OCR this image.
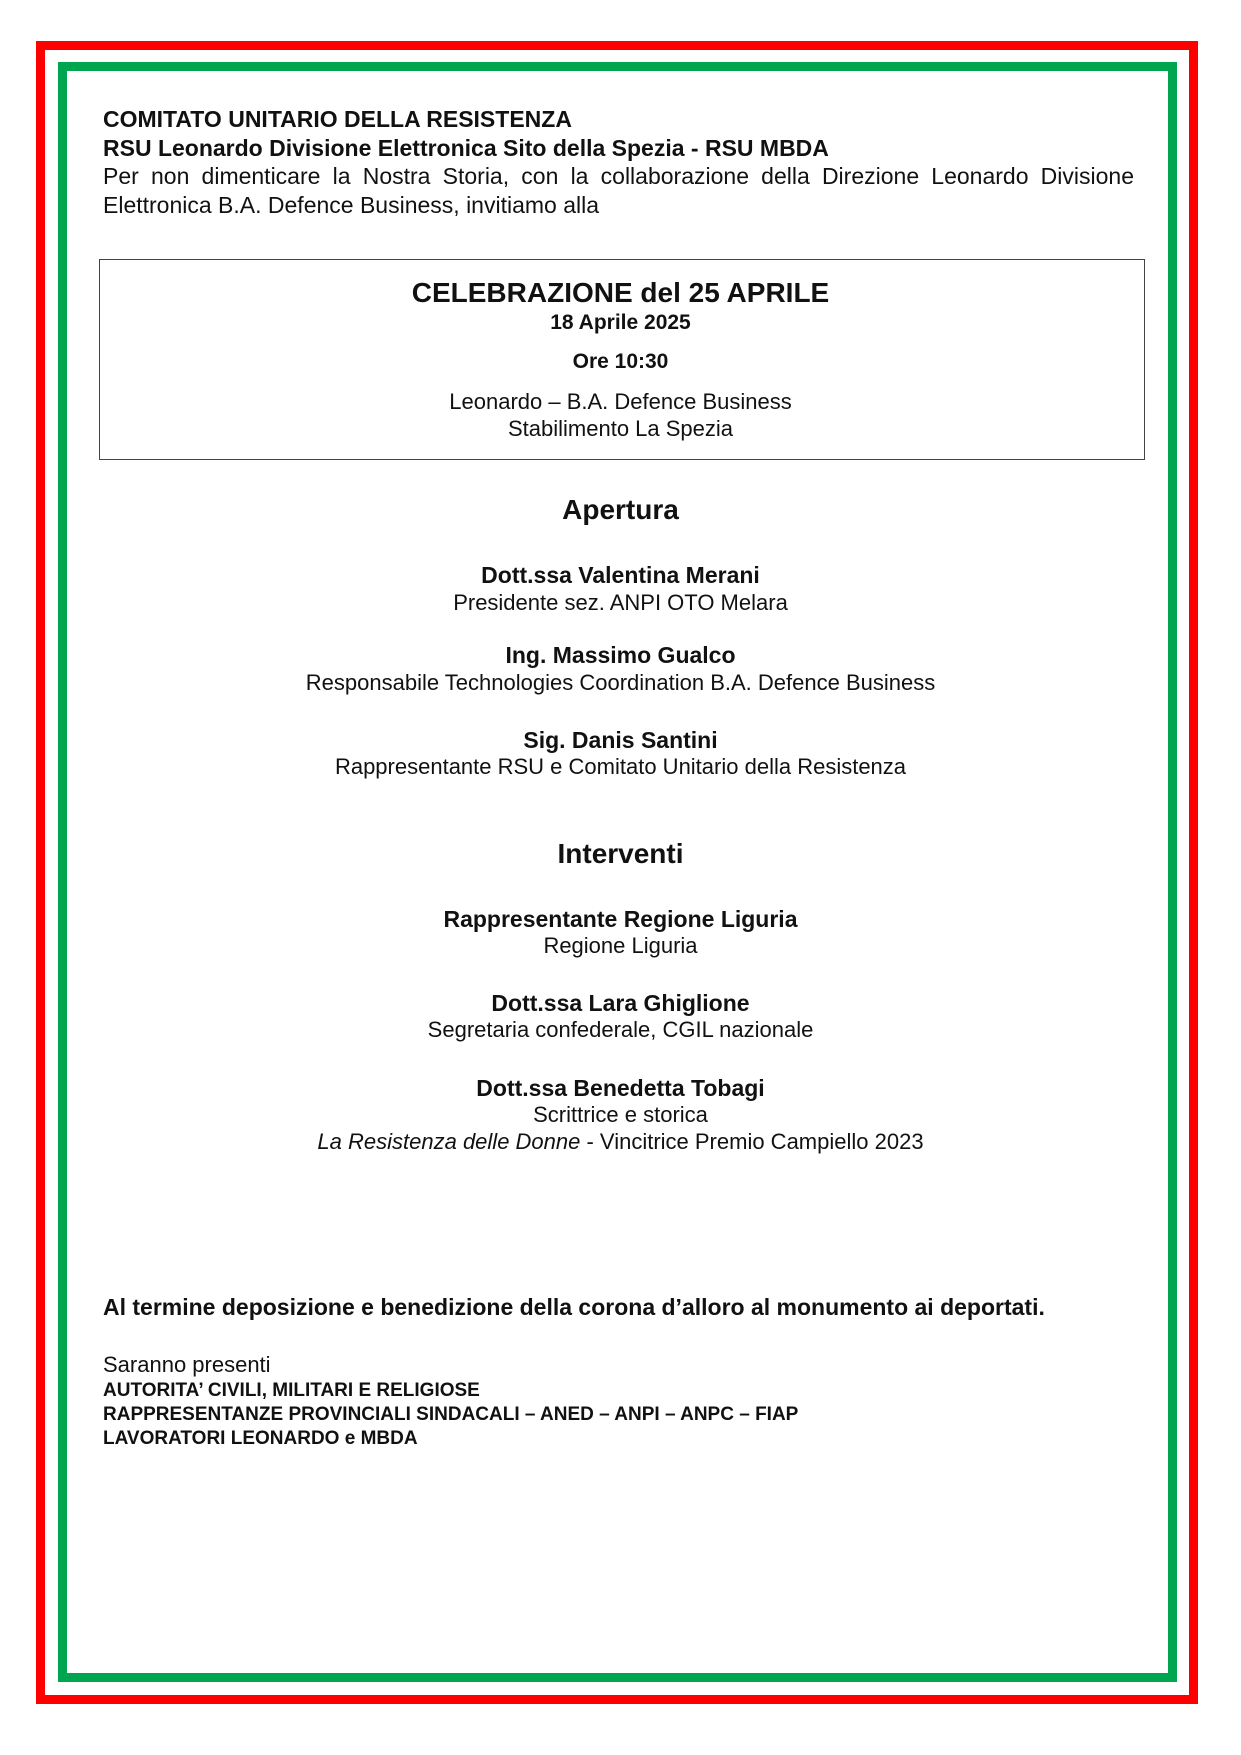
COMITATO UNITARIO DELLA RESISTENZA

RSU Leonardo Divisione Elettronica Sito della Spezia - RSU MBDA

Per non dimenticare la Nostra Storia, con la collaborazione della Direzione Leonardo Divisione Elettronica B.A. Defence Business, invitiamo alla

CELEBRAZIONE del 25 APRILE

18 Aprile 2025

Ore 10:30

Leonardo – B.A. Defence Business

Stabilimento La Spezia

Apertura

Dott.ssa Valentina Merani

Presidente sez. ANPI OTO Melara

Ing. Massimo Gualco

Responsabile Technologies Coordination B.A. Defence Business

Sig. Danis Santini

Rappresentante RSU e Comitato Unitario della Resistenza

Interventi

Rappresentante Regione Liguria

Regione Liguria

Dott.ssa Lara Ghiglione

Segretaria confederale, CGIL nazionale

Dott.ssa Benedetta Tobagi

Scrittrice e storica

La Resistenza delle Donne - Vincitrice Premio Campiello 2023

Al termine deposizione e benedizione della corona d’alloro al monumento ai deportati.

Saranno presenti

AUTORITA’ CIVILI, MILITARI E RELIGIOSE

RAPPRESENTANZE PROVINCIALI SINDACALI – ANED – ANPI – ANPC – FIAP

LAVORATORI LEONARDO e MBDA
